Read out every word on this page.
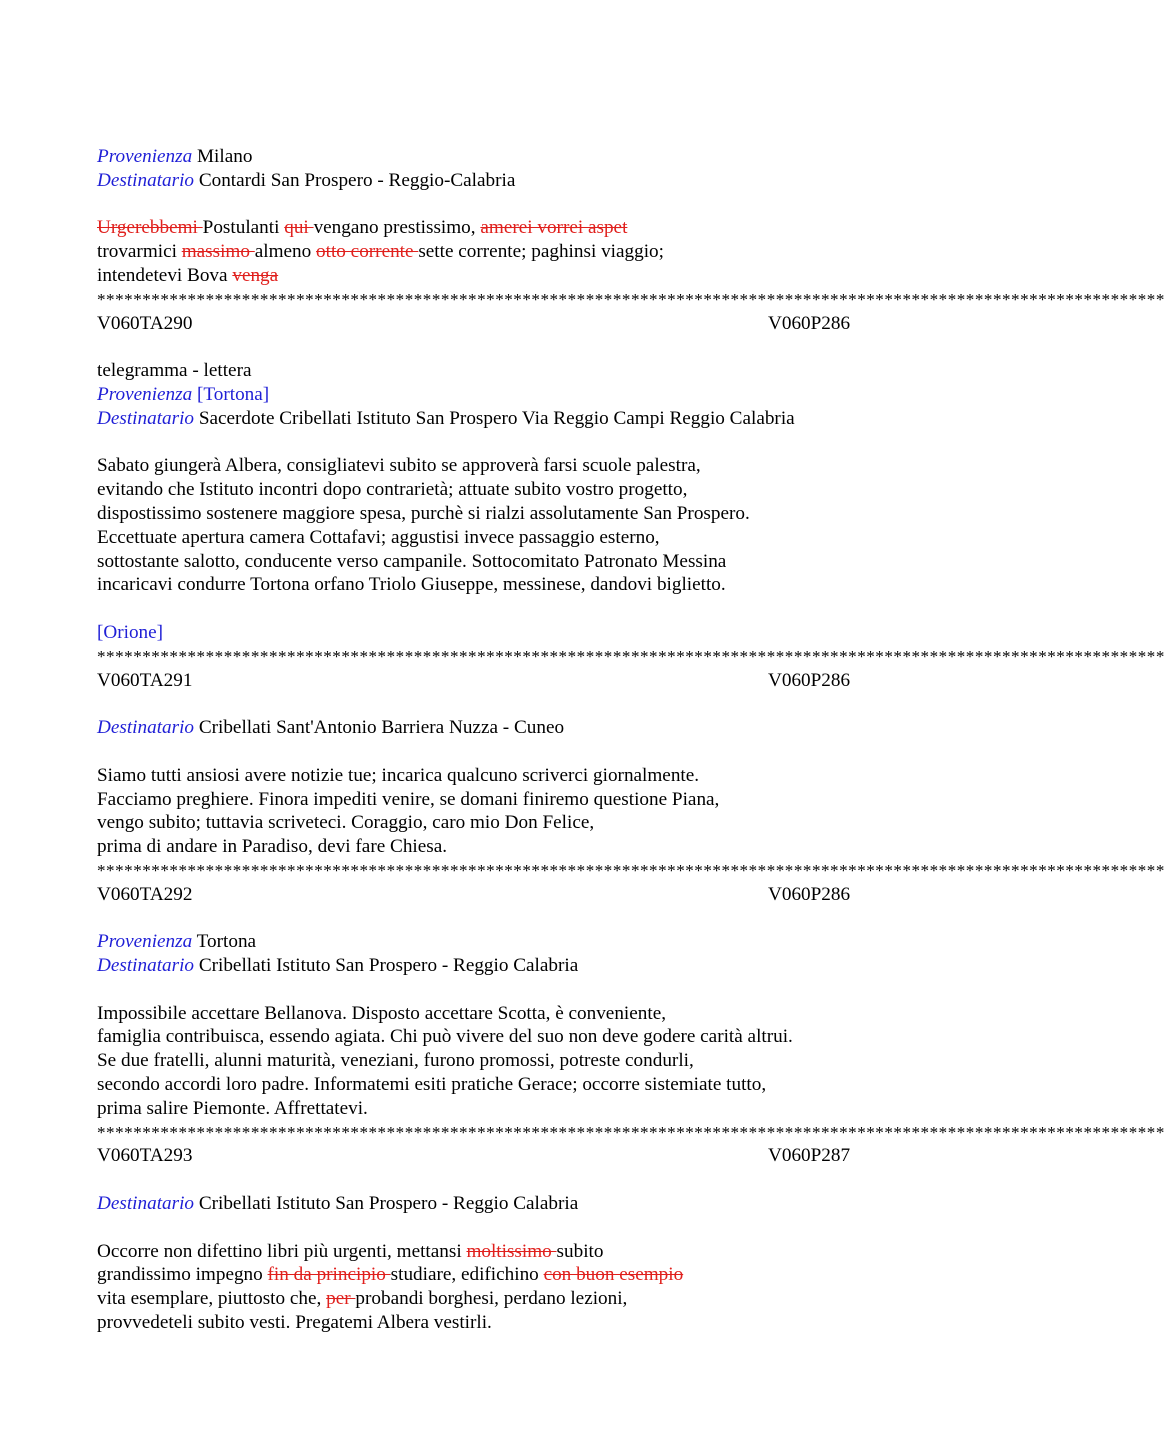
Provenienza Milano
Destinatario Contardi San Prospero - Reggio-Calabria
Urgerebbemi Postulanti qui vengano prestissimo, amerei vorrei aspet
trovarmici massimo almeno otto corrente sette corrente; paghinsi viaggio;
intendetevi Bova venga
**********************************************************************************************************************
V060TA290	V060P286
telegramma - lettera
Provenienza [Tortona]
Destinatario Sacerdote Cribellati Istituto San Prospero Via Reggio Campi Reggio Calabria
Sabato giungerà Albera, consigliatevi subito se approverà farsi scuole palestra,
evitando che Istituto incontri dopo contrarietà; attuate subito vostro progetto,
dispostissimo sostenere maggiore spesa, purchè si rialzi assolutamente San Prospero.
Eccettuate apertura camera Cottafavi; aggustisi invece passaggio esterno,
sottostante salotto, conducente verso campanile. Sottocomitato Patronato Messina
incaricavi condurre Tortona orfano Triolo Giuseppe, messinese, dandovi biglietto.
[Orione]
**********************************************************************************************************************
V060TA291	V060P286
Destinatario Cribellati Sant'Antonio Barriera Nuzza - Cuneo
Siamo tutti ansiosi avere notizie tue; incarica qualcuno scriverci giornalmente.
Facciamo preghiere. Finora impediti venire, se domani finiremo questione Piana,
vengo subito; tuttavia scriveteci. Coraggio, caro mio Don Felice,
prima di andare in Paradiso, devi fare Chiesa.
**********************************************************************************************************************
V060TA292	V060P286
Provenienza Tortona
Destinatario Cribellati Istituto San Prospero - Reggio Calabria
Impossibile accettare Bellanova. Disposto accettare Scotta, è conveniente,
famiglia contribuisca, essendo agiata. Chi può vivere del suo non deve godere carità altrui.
Se due fratelli, alunni maturità, veneziani, furono promossi, potreste condurli,
secondo accordi loro padre. Informatemi esiti pratiche Gerace; occorre sistemiate tutto,
prima salire Piemonte. Affrettatevi.
**********************************************************************************************************************
V060TA293	V060P287
Destinatario Cribellati Istituto San Prospero - Reggio Calabria
Occorre non difettino libri più urgenti, mettansi moltissimo subito
grandissimo impegno fin da principio studiare, edifichino con buon esempio
vita esemplare, piuttosto che, per probandi borghesi, perdano lezioni,
provvedeteli subito vesti. Pregatemi Albera vestirli.
